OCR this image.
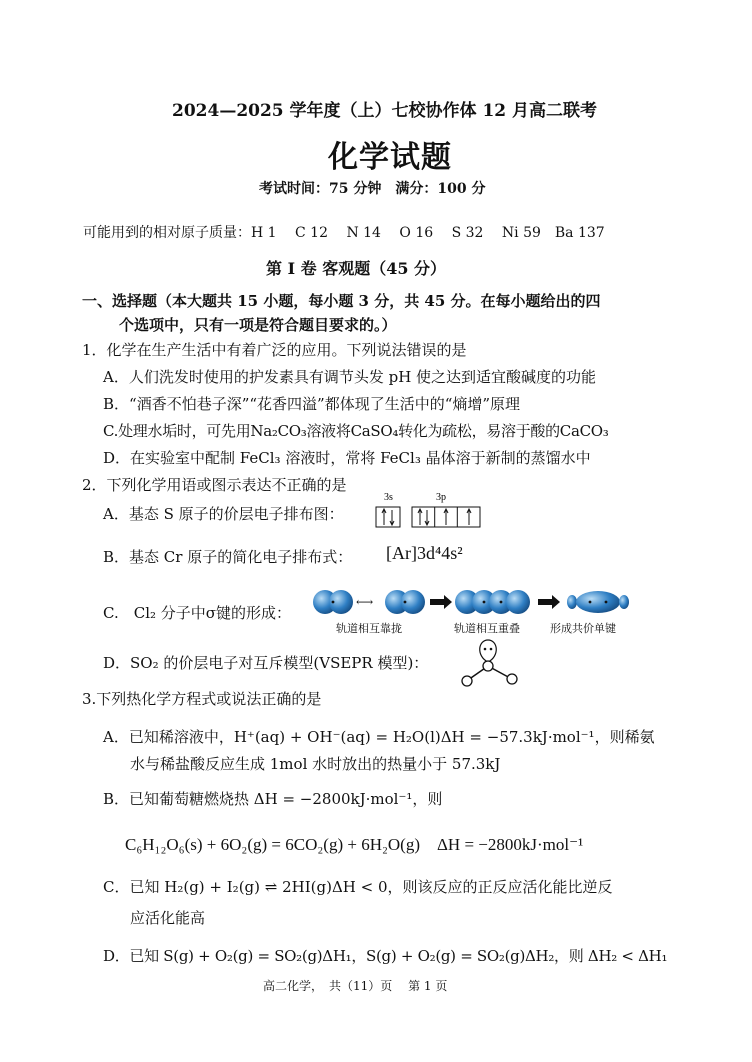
2024—2025 学年度（上）七校协作体 12 月高二联考
化学试题
考试时间：75 分钟　满分：100 分
可能用到的相对原子质量：H 1　 C 12　 N 14　 O 16　 S 32　 Ni 59　Ba 137
第 I 卷 客观题（45 分）
一、选择题（本大题共 15 小题，每小题 3 分，共 45 分。在每小题给出的四
个选项中，只有一项是符合题目要求的。）
1．化学在生产生活中有着广泛的应用。下列说法错误的是
A．人们洗发时使用的护发素具有调节头发 pH 使之达到适宜酸碱度的功能
B．“酒香不怕巷子深”“花香四溢”都体现了生活中的“熵增”原理
C.处理水垢时，可先用Na₂CO₃溶液将CaSO₄转化为疏松，易溶于酸的CaCO₃
D．在实验室中配制 FeCl₃ 溶液时，常将 FeCl₃ 晶体溶于新制的蒸馏水中
2．下列化学用语或图示表达不正确的是
A．基态 S 原子的价层电子排布图：
3s	3p
B．基态 Cr 原子的简化电子排布式： [Ar]3d⁴4s²
C.　Cl₂ 分子中σ键的形成：
⟷
轨道相互靠拢	轨道相互重叠	形成共价单键
D．SO₂ 的价层电子对互斥模型(VSEPR 模型)：
3.下列热化学方程式或说法正确的是
A．已知稀溶液中，H⁺(aq) + OH⁻(aq) = H₂O(l)ΔH = −57.3kJ·mol⁻¹，则稀氨
水与稀盐酸反应生成 1mol 水时放出的热量小于 57.3kJ
B．已知葡萄糖燃烧热 ΔH = −2800kJ·mol⁻¹，则
C₆H₁₂O₆(s) + 6O₂(g) = 6CO₂(g) + 6H₂O(g)　ΔH = −2800kJ·mol⁻¹
C．已知 H₂(g) + I₂(g) ⇌ 2HI(g)ΔH < 0，则该反应的正反应活化能比逆反
应活化能高
D．已知 S(g) + O₂(g) = SO₂(g)ΔH₁，S(g) + O₂(g) = SO₂(g)ΔH₂，则 ΔH₂ < ΔH₁
高二化学，　共（11）页　 第 1 页
